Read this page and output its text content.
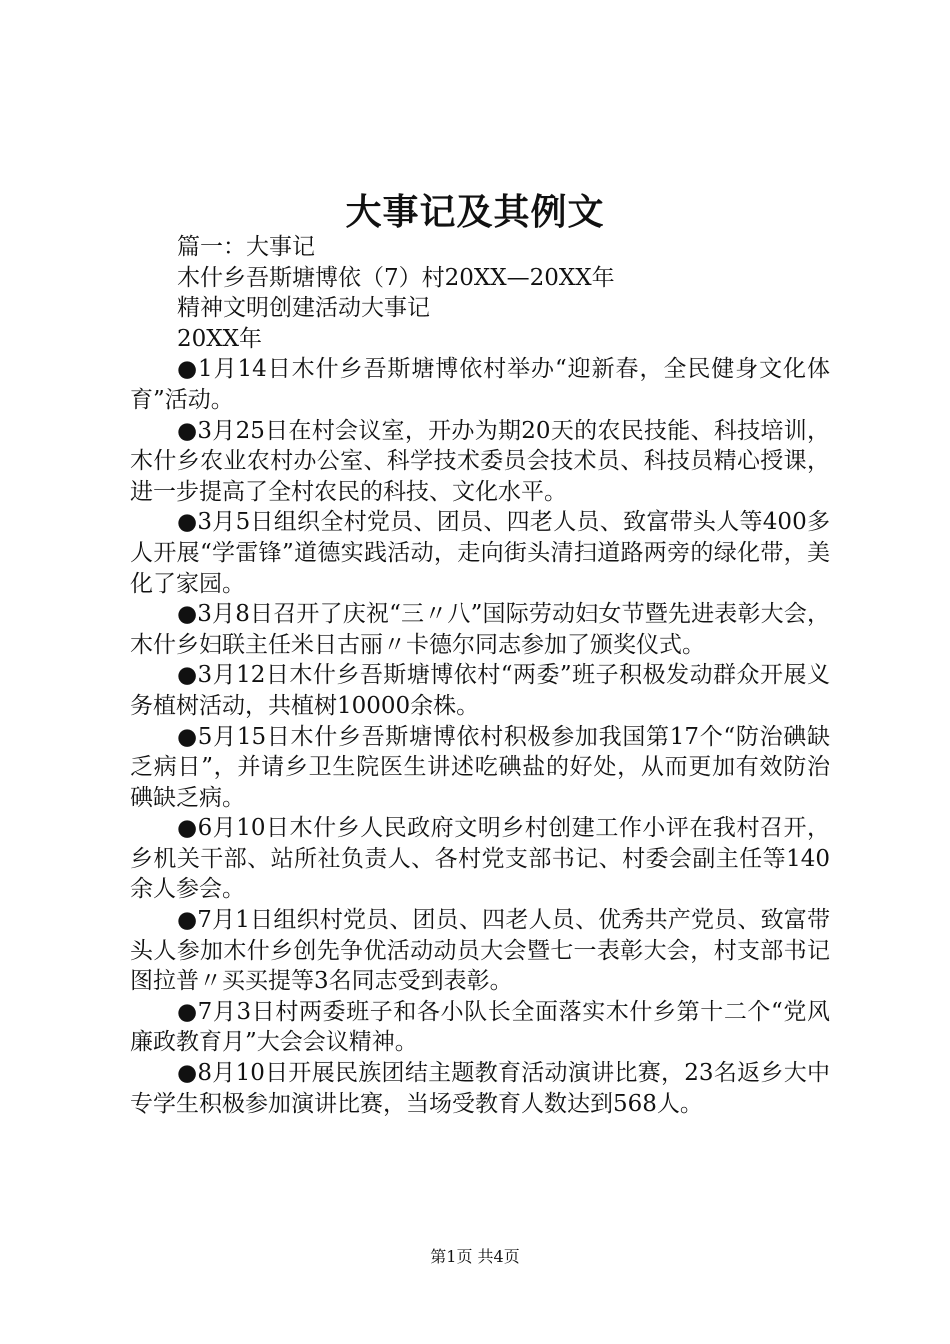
大事记及其例文
篇一：大事记
木什乡吾斯塘博依（7）村20XX—20XX年
精神文明创建活动大事记
20XX年

●1月14日木什乡吾斯塘博依村举办“迎新春，全民健身文化体育”活动。

●3月25日在村会议室，开办为期20天的农民技能、科技培训，木什乡农业农村办公室、科学技术委员会技术员、科技员精心授课，进一步提高了全村农民的科技、文化水平。

●3月5日组织全村党员、团员、四老人员、致富带头人等400多人开展“学雷锋”道德实践活动，走向街头清扫道路两旁的绿化带，美化了家园。

●3月8日召开了庆祝“三〃八”国际劳动妇女节暨先进表彰大会，木什乡妇联主任米日古丽〃卡德尔同志参加了颁奖仪式。

●3月12日木什乡吾斯塘博依村“两委”班子积极发动群众开展义务植树活动，共植树10000余株。

●5月15日木什乡吾斯塘博依村积极参加我国第17个“防治碘缺乏病日”，并请乡卫生院医生讲述吃碘盐的好处，从而更加有效防治碘缺乏病。

●6月10日木什乡人民政府文明乡村创建工作小评在我村召开，乡机关干部、站所社负责人、各村党支部书记、村委会副主任等140余人参会。

●7月1日组织村党员、团员、四老人员、优秀共产党员、致富带头人参加木什乡创先争优活动动员大会暨七一表彰大会，村支部书记图拉普〃买买提等3名同志受到表彰。

●7月3日村两委班子和各小队长全面落实木什乡第十二个“党风廉政教育月”大会会议精神。

●8月10日开展民族团结主题教育活动演讲比赛，23名返乡大中专学生积极参加演讲比赛，当场受教育人数达到568人。

第1页 共4页
